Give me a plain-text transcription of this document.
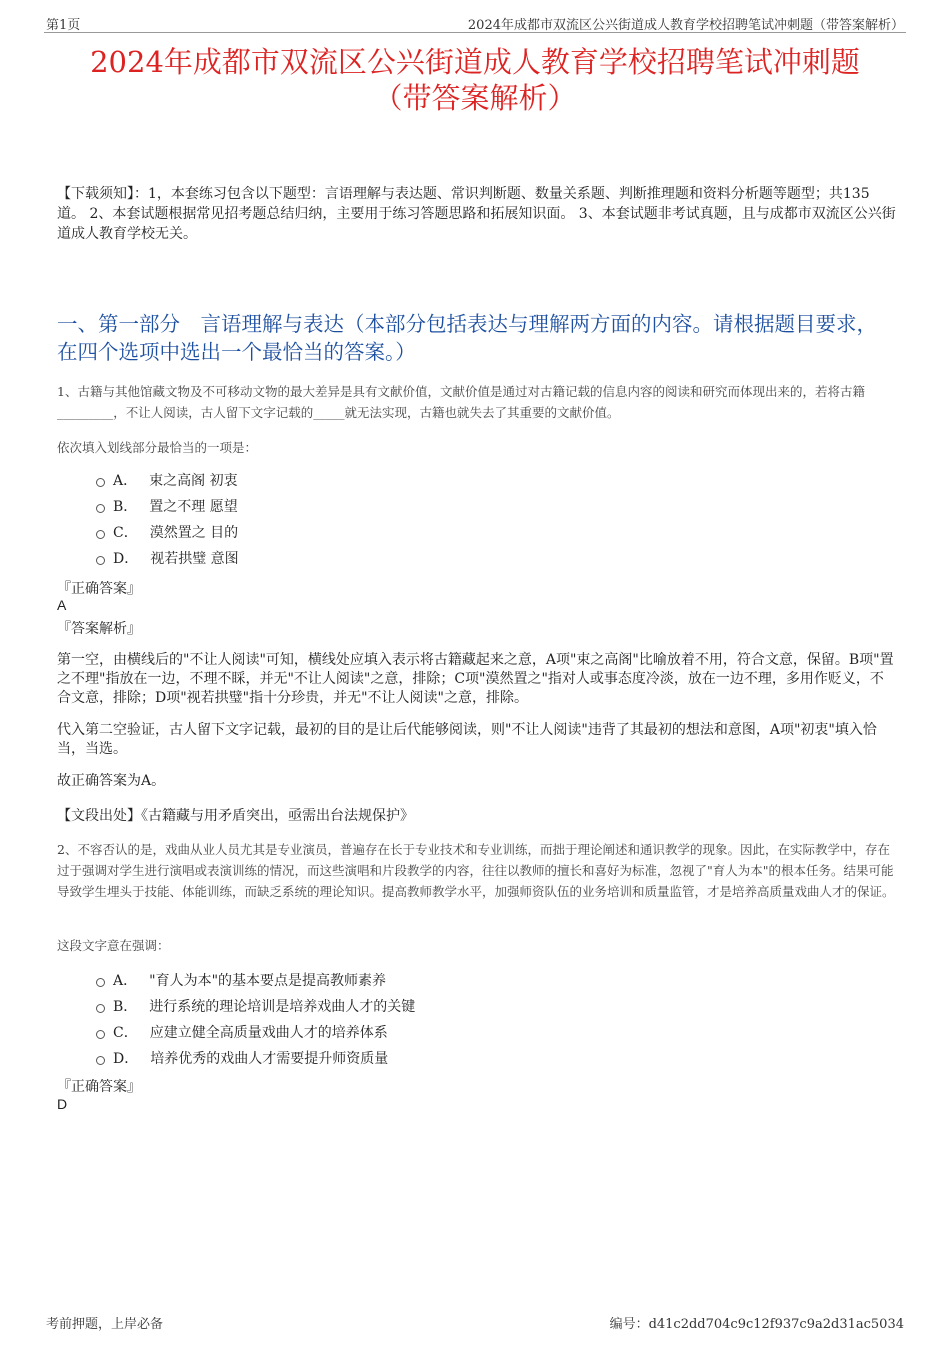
第1页	2024年成都市双流区公兴街道成人教育学校招聘笔试冲刺题（带答案解析）
2024年成都市双流区公兴街道成人教育学校招聘笔试冲刺题
（带答案解析）
【下载须知】：1，本套练习包含以下题型：言语理解与表达题、常识判断题、数量关系题、判断推理题和资料分析题等题型；共135道。 2、本套试题根据常见招考题总结归纳，主要用于练习答题思路和拓展知识面。 3、本套试题非考试真题，且与成都市双流区公兴街道成人教育学校无关。
一、第一部分　言语理解与表达（本部分包括表达与理解两方面的内容。请根据题目要求，在四个选项中选出一个最恰当的答案。）
1、古籍与其他馆藏文物及不可移动文物的最大差异是具有文献价值，文献价值是通过对古籍记载的信息内容的阅读和研究而体现出来的，若将古籍_________，不让人阅读，古人留下文字记载的_____就无法实现，古籍也就失去了其重要的文献价值。
依次填入划线部分最恰当的一项是：
A． 束之高阁 初衷
B． 置之不理 愿望
C． 漠然置之 目的
D． 视若拱璧 意图
『正确答案』
A
『答案解析』
第一空，由横线后的"不让人阅读"可知，横线处应填入表示将古籍藏起来之意，A项"束之高阁"比喻放着不用，符合文意，保留。B项"置之不理"指放在一边，不理不睬，并无"不让人阅读"之意，排除；C项"漠然置之"指对人或事态度冷淡，放在一边不理，多用作贬义，不合文意，排除；D项"视若拱璧"指十分珍贵，并无"不让人阅读"之意，排除。
代入第二空验证，古人留下文字记载，最初的目的是让后代能够阅读，则"不让人阅读"违背了其最初的想法和意图，A项"初衷"填入恰当，当选。
故正确答案为A。
【文段出处】《古籍藏与用矛盾突出，亟需出台法规保护》
2、不容否认的是，戏曲从业人员尤其是专业演员，普遍存在长于专业技术和专业训练，而拙于理论阐述和通识教学的现象。因此，在实际教学中，存在过于强调对学生进行演唱或表演训练的情况，而这些演唱和片段教学的内容，往往以教师的擅长和喜好为标准，忽视了"育人为本"的根本任务。结果可能导致学生埋头于技能、体能训练，而缺乏系统的理论知识。提高教师教学水平，加强师资队伍的业务培训和质量监管，才是培养高质量戏曲人才的保证。
这段文字意在强调：
A． "育人为本"的基本要点是提高教师素养
B． 进行系统的理论培训是培养戏曲人才的关键
C． 应建立健全高质量戏曲人才的培养体系
D． 培养优秀的戏曲人才需要提升师资质量
『正确答案』
D
考前押题，上岸必备	编号：d41c2dd704c9c12f937c9a2d31ac5034
